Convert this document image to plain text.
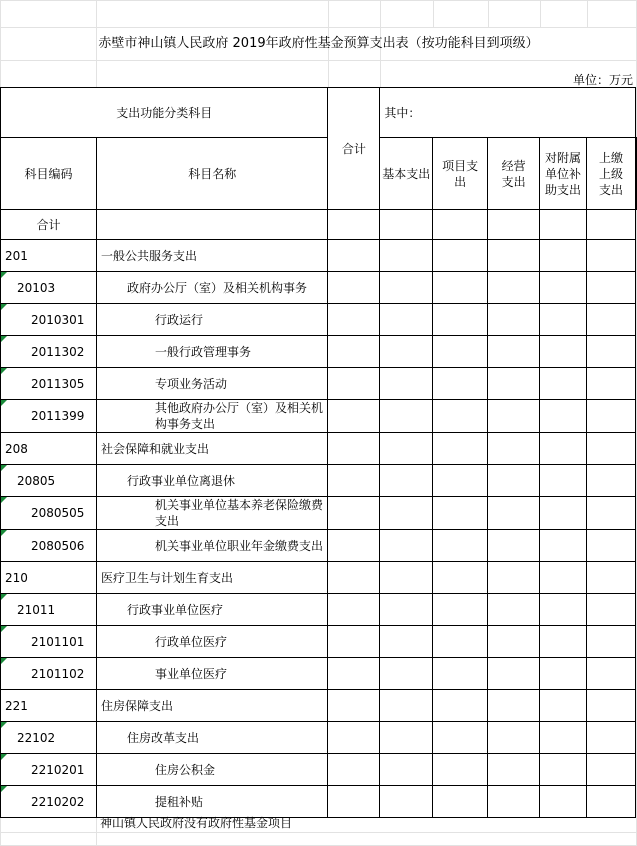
赤壁市神山镇人民政府 2019年政府性基金预算支出表（按功能科目到项级）
单位：万元
支出功能分类科目		合计	其中：					
科目编码	科目名称		基本支出	项目支出	经营支出	对附属单位补助支出	上缴上级支出	

合计								
201	一般公共服务支出							

20103	政府办公厅（室）及相关机构事务							

2010301	行政运行							

2011302	一般行政管理事务							

2011305	专项业务活动							

2011399	其他政府办公厅（室）及相关机构事务支出							
208	社会保障和就业支出							

20805	行政事业单位离退休							

2080505	机关事业单位基本养老保险缴费支出							

2080506	机关事业单位职业年金缴费支出							
210	医疗卫生与计划生育支出							

21011	行政事业单位医疗							

2101101	行政单位医疗							

2101102	事业单位医疗							
221	住房保障支出							

22102	住房改革支出							

2210201	住房公积金							

2210202	提租补贴							
神山镇人民政府没有政府性基金项目
